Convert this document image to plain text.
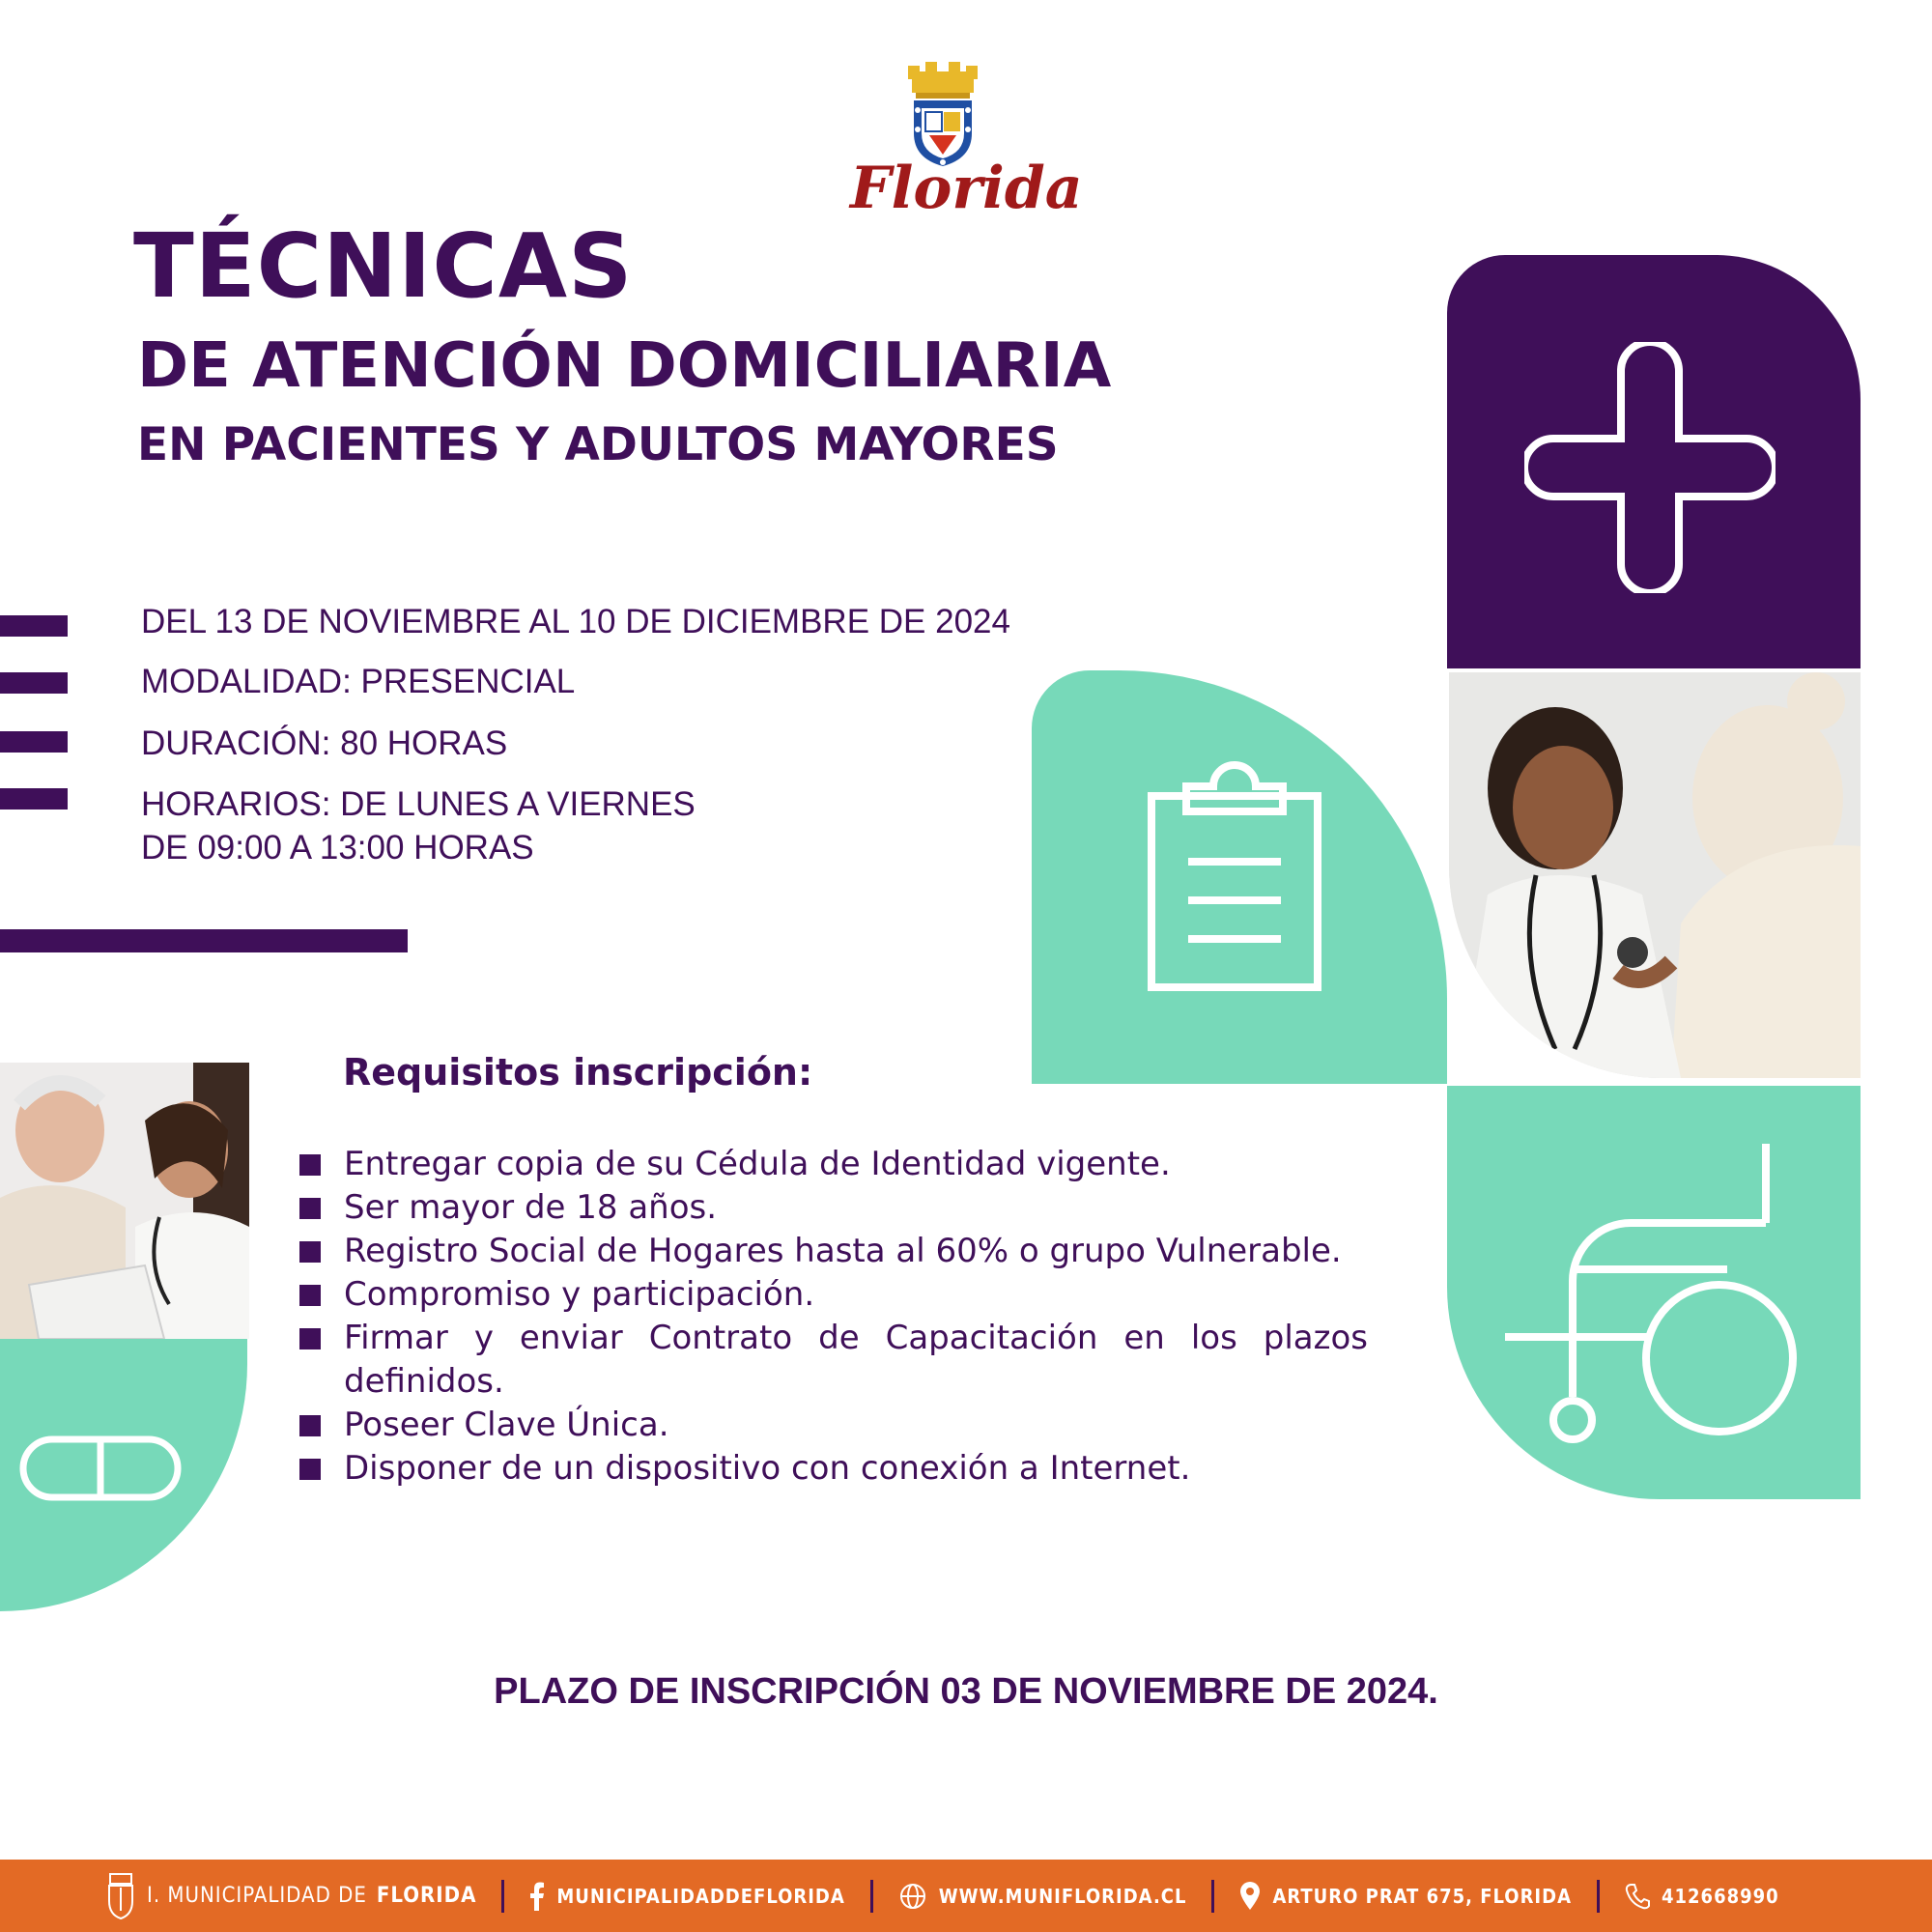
Florida
TÉCNICAS
DE ATENCIÓN DOMICILIARIA
EN PACIENTES Y ADULTOS MAYORES
DEL 13 DE NOVIEMBRE AL 10 DE DICIEMBRE DE 2024
MODALIDAD: PRESENCIAL
DURACIÓN: 80 HORAS
HORARIOS: DE LUNES A VIERNES
DE 09:00 A 13:00 HORAS
Requisitos inscripción:
Entregar copia de su Cédula de Identidad vigente.
Ser mayor de 18 años.
Registro Social de Hogares hasta al 60% o grupo Vulnerable.
Compromiso y participación.
Firmar y enviar Contrato de Capacitación en los plazos definidos.
Poseer Clave Única.
Disponer de un dispositivo con conexión a Internet.
PLAZO DE INSCRIPCIÓN 03 DE NOVIEMBRE DE 2024.
I. MUNICIPALIDAD DE FLORIDA	MUNICIPALIDADDEFLORIDA	WWW.MUNIFLORIDA.CL	ARTURO PRAT 675, FLORIDA	412668990
